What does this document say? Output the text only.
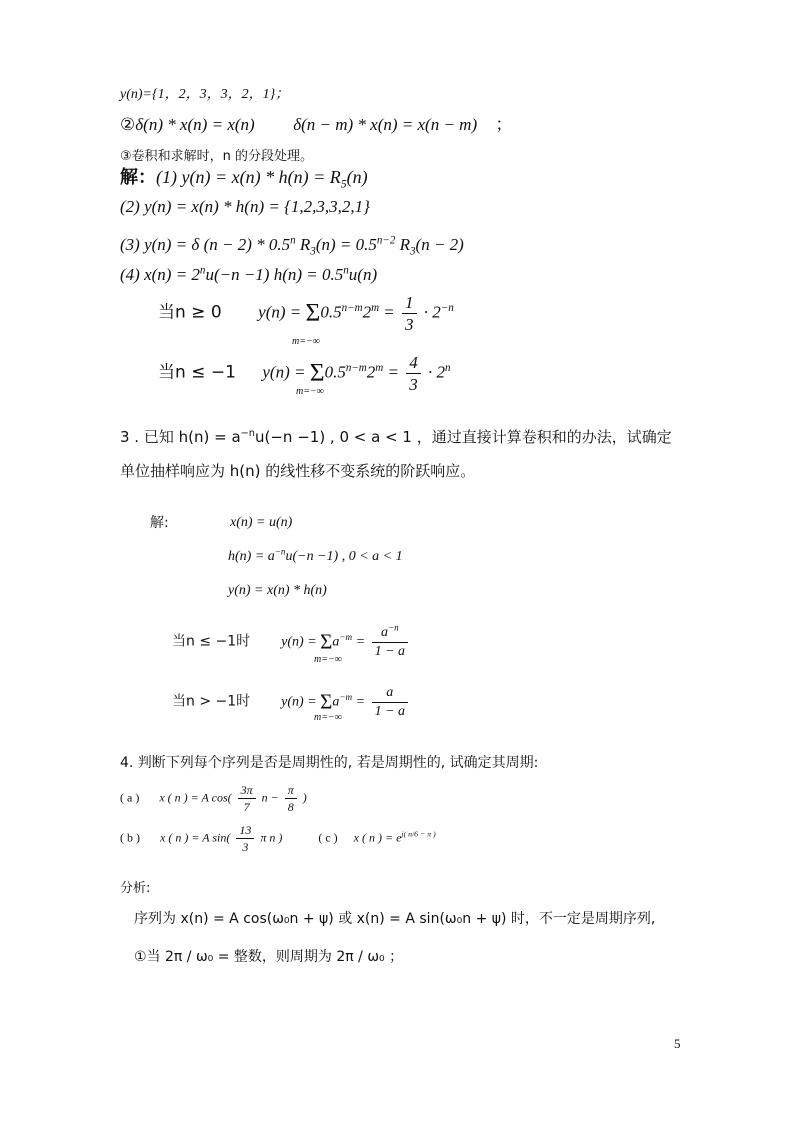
y(n)={1，2，3，3，2，1}；
②δ(n) * x(n) = x(n) δ(n − m) * x(n) = x(n − m) ；
③卷积和求解时，n 的分段处理。
解：(1) $y(n) = x(n) * h(n) = R_5(n)$
(2) y(n) = x(n) * h(n) = {1,2,3,3,2,1}
(3) y(n) = δ (n − 2) * 0.5$^n$ $R_3(n) = 0.5^{n-2}$ $R_3(n - 2)$
(4) $x(n) = 2^nu(-n -1) h(n) = 0.5^nu(n)$
当n ≥ 0 $y(n) = \Sigma 0.5^{n-m}2^m = \frac{1}{3} \cdot 2^{-n}$
m=−∞
当n ≤ −1 $y(n) = \Sigma 0.5^{n-m}2^m = \frac{4}{3} \cdot 2^n$
m=−∞
3 . 已知 $h(n) = a^{-n}u(-n -1)$ , 0 < a < 1 ，通过直接计算卷积和的办法，试确定
单位抽样响应为 h(n) 的线性移不变系统的阶跃响应。
解:	x(n) = u(n)
$h(n) = a^{-n}u(-n -1)$ , 0 < a < 1
y(n) = x(n) * h(n)
当n ≤ −1时 $y(n) = \Sigma a^{-m} = \frac{a^{-n}}{1 - a}$
m=−∞
当n > −1时 $y(n) = \Sigma a^{-m} = \frac{a}{1 - a}$
m=−∞
4. 判断下列每个序列是否是周期性的, 若是周期性的, 试确定其周期:
( a ) x ( n ) = A $\cos( \frac{3\pi}{7}$ $n - \frac{\pi}{8}$ )
( b ) x ( n ) = A $\sin( \frac{13}{3}$ π n )	( c ) x ( n ) = $e^{j( n/6 - \pi )}$
分析:
序列为 x(n) = A cos(ω₀n + ψ) 或 x(n) = A sin(ω₀n + ψ) 时，不一定是周期序列,
①当 2π / ω₀ = 整数，则周期为 2π / ω₀ ；
5
